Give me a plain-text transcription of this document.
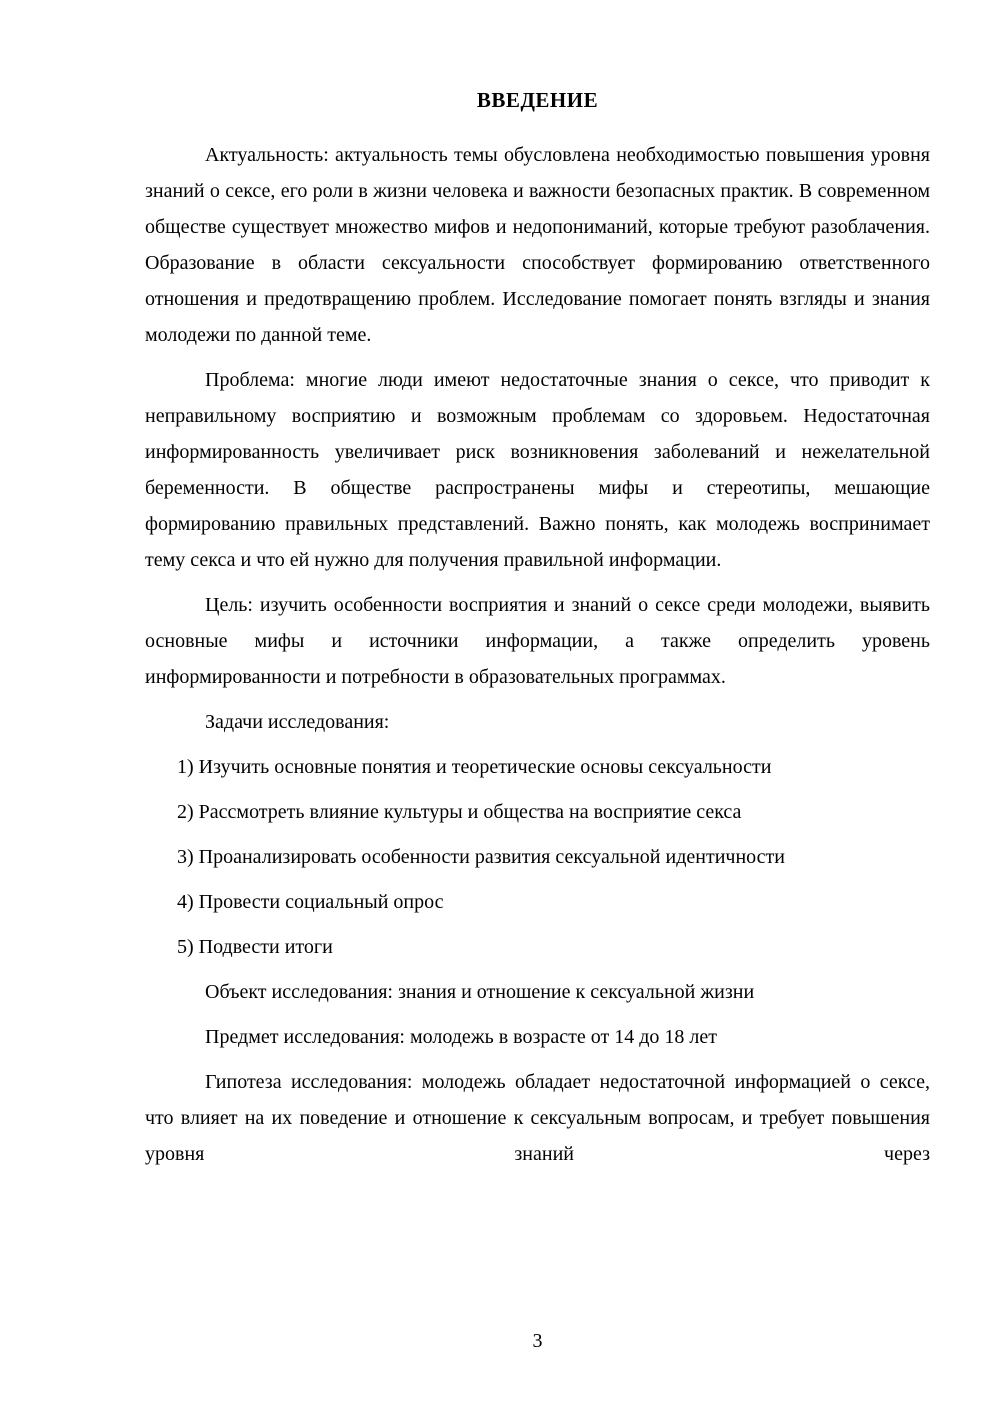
ВВЕДЕНИЕ

Актуальность: актуальность темы обусловлена необходимостью повышения уровня знаний о сексе, его роли в жизни человека и важности безопасных практик. В современном обществе существует множество мифов и недопониманий, которые требуют разоблачения. Образование в области сексуальности способствует формированию ответственного отношения и предотвращению проблем. Исследование помогает понять взгляды и знания молодежи по данной теме.

Проблема: многие люди имеют недостаточные знания о сексе, что приводит к неправильному восприятию и возможным проблемам со здоровьем. Недостаточная информированность увеличивает риск возникновения заболеваний и нежелательной беременности. В обществе распространены мифы и стереотипы, мешающие формированию правильных представлений. Важно понять, как молодежь воспринимает тему секса и что ей нужно для получения правильной информации.

Цель: изучить особенности восприятия и знаний о сексе среди молодежи, выявить основные мифы и источники информации, а также определить уровень информированности и потребности в образовательных программах.

Задачи исследования:

1) Изучить основные понятия и теоретические основы сексуальности

2) Рассмотреть влияние культуры и общества на восприятие секса

3) Проанализировать особенности развития сексуальной идентичности

4) Провести социальный опрос

5) Подвести итоги

Объект исследования: знания и отношение к сексуальной жизни

Предмет исследования: молодежь в возрасте от 14 до 18 лет

Гипотеза исследования: молодежь обладает недостаточной информацией о сексе, что влияет на их поведение и отношение к сексуальным вопросам, и требует повышения уровня знаний через

3
